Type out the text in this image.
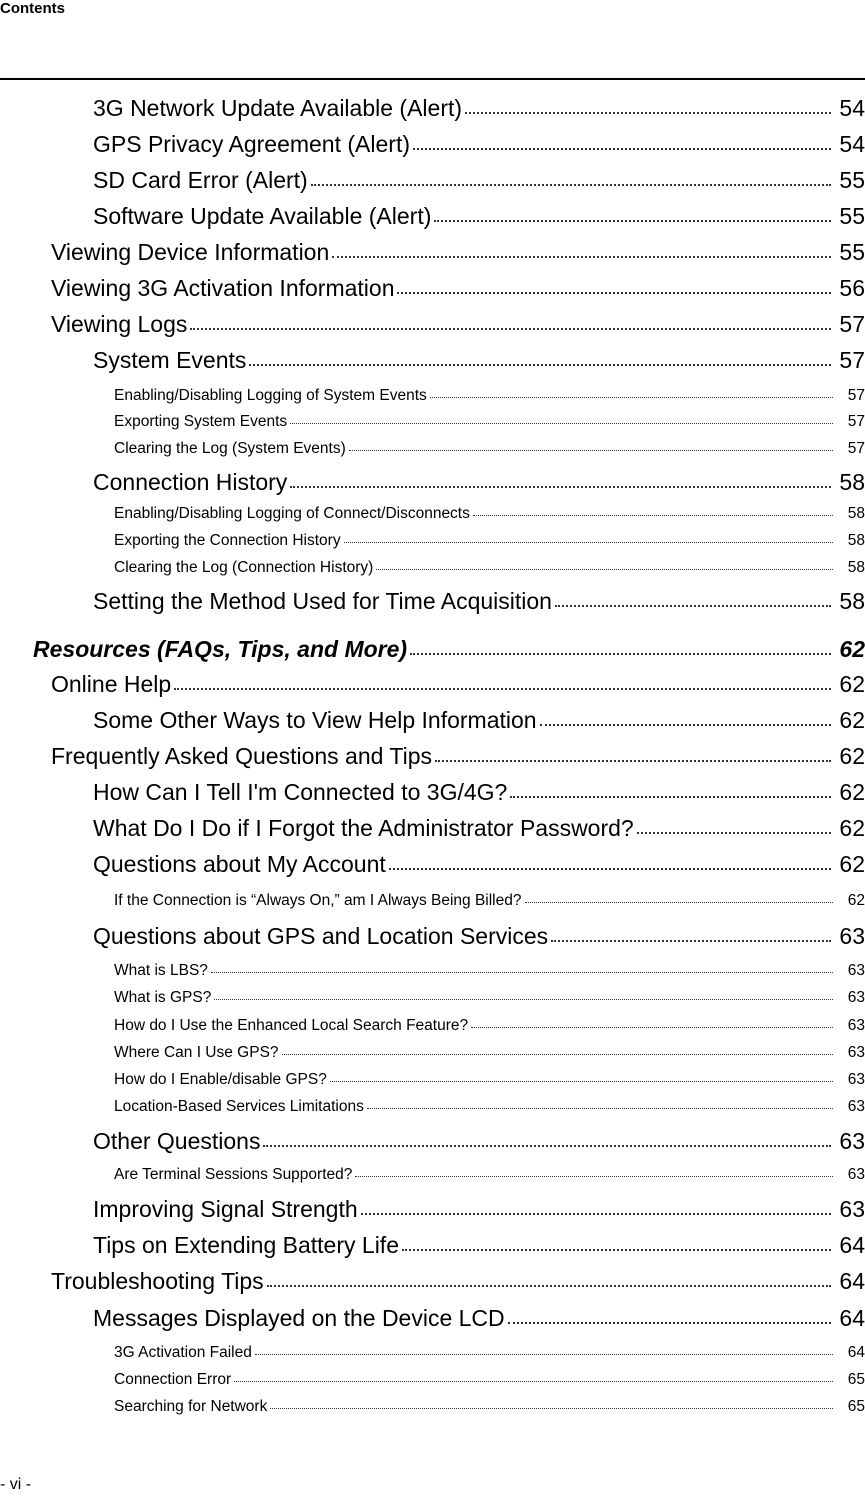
Contents
3G Network Update Available (Alert)	54
GPS Privacy Agreement (Alert)	54
SD Card Error (Alert)	55
Software Update Available (Alert)	55
Viewing Device Information	55
Viewing 3G Activation Information	56
Viewing Logs	57
System Events	57
Enabling/Disabling Logging of System Events	57
Exporting System Events	57
Clearing the Log (System Events)	57
Connection History	58
Enabling/Disabling Logging of Connect/Disconnects	58
Exporting the Connection History	58
Clearing the Log (Connection History)	58
Setting the Method Used for Time Acquisition	58
Resources (FAQs, Tips, and More)	62
Online Help	62
Some Other Ways to View Help Information	62
Frequently Asked Questions and Tips	62
How Can I Tell I'm Connected to 3G/4G?	62
What Do I Do if I Forgot the Administrator Password?	62
Questions about My Account	62
If the Connection is “Always On,” am I Always Being Billed?	62
Questions about GPS and Location Services	63
What is LBS?	63
What is GPS?	63
How do I Use the Enhanced Local Search Feature?	63
Where Can I Use GPS?	63
How do I Enable/disable GPS?	63
Location-Based Services Limitations	63
Other Questions	63
Are Terminal Sessions Supported?	63
Improving Signal Strength	63
Tips on Extending Battery Life	64
Troubleshooting Tips	64
Messages Displayed on the Device LCD	64
3G Activation Failed	64
Connection Error	65
Searching for Network	65
- vi -
